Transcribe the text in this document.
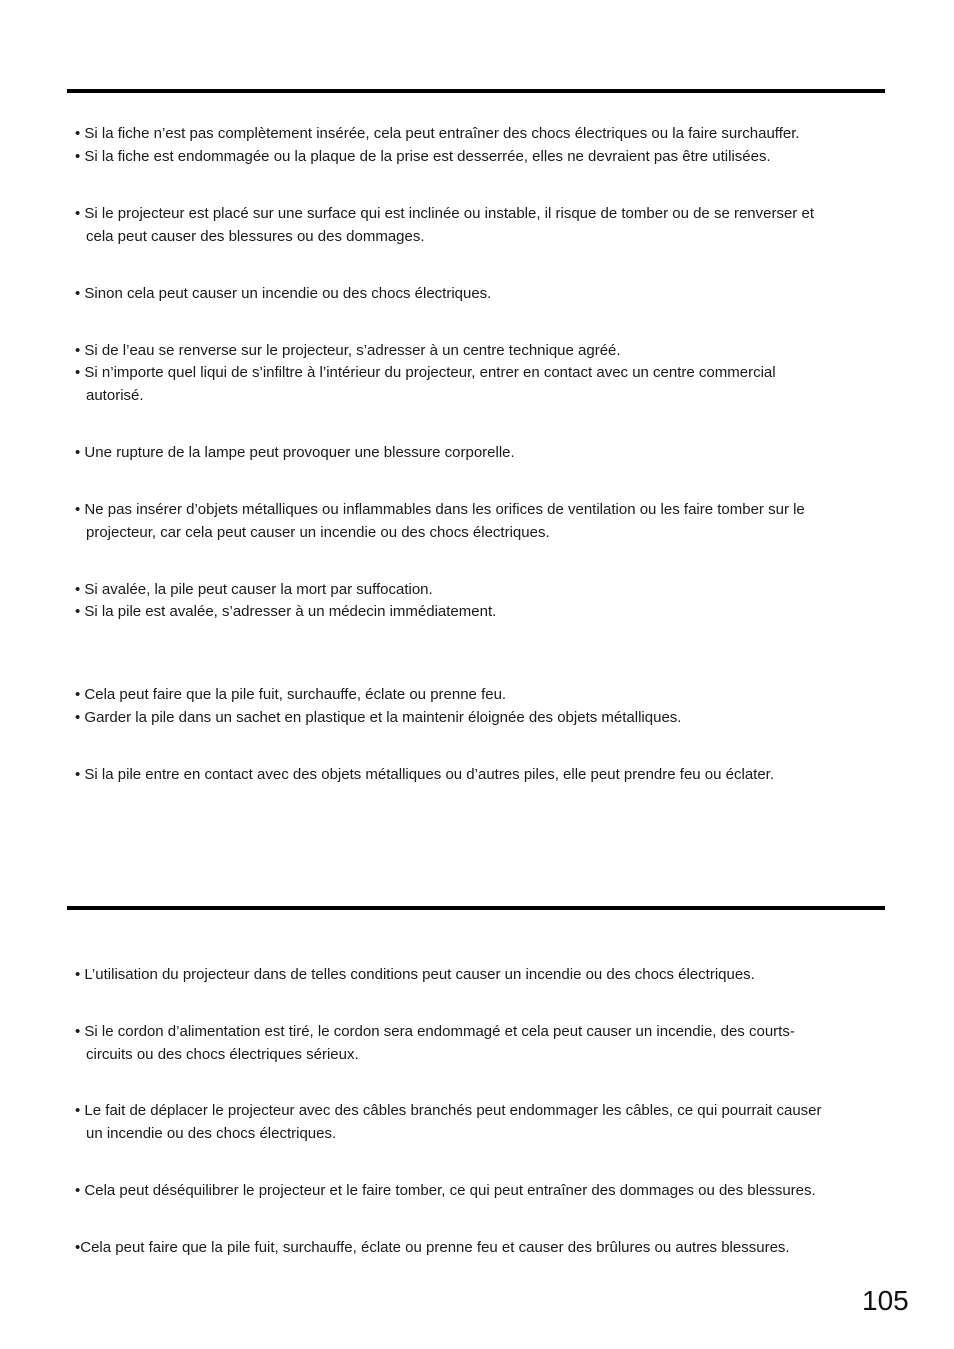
• Si la fiche n’est pas complètement insérée, cela peut entraîner des chocs électriques ou la faire surchauffer.

• Si la fiche est endommagée ou la plaque de la prise est desserrée, elles ne devraient pas être utilisées.

• Si le projecteur est placé sur une surface qui est inclinée ou instable, il risque de tomber ou de se renverser et
cela peut causer des blessures ou des dommages.

• Sinon cela peut causer un incendie ou des chocs électriques.

• Si de l’eau se renverse sur le projecteur, s’adresser à un centre technique agréé.

• Si n’importe quel liqui de s’infiltre à l’intérieur du projecteur, entrer en contact avec un centre commercial
autorisé.

• Une rupture de la lampe peut provoquer une blessure corporelle.

• Ne pas insérer d’objets métalliques ou inflammables dans les orifices de ventilation ou les faire tomber sur le
projecteur, car cela peut causer un incendie ou des chocs électriques.

• Si avalée, la pile peut causer la mort par suffocation.

• Si la pile est avalée, s’adresser à un médecin immédiatement.

• Cela peut faire que la pile fuit, surchauffe, éclate ou prenne feu.

• Garder la pile dans un sachet en plastique et la maintenir éloignée des objets métalliques.

• Si la pile entre en contact avec des objets métalliques ou d’autres piles, elle peut prendre feu ou éclater.

• L’utilisation du projecteur dans de telles conditions peut causer un incendie ou des chocs électriques.

• Si le cordon d’alimentation est tiré, le cordon sera endommagé et cela peut causer un incendie, des courts-
circuits ou des chocs électriques sérieux.

• Le fait de déplacer le projecteur avec des câbles branchés peut endommager les câbles, ce qui pourrait causer
un incendie ou des chocs électriques.

• Cela peut déséquilibrer le projecteur et le faire tomber, ce qui peut entraîner des dommages ou des blessures.

•Cela peut faire que la pile fuit, surchauffe, éclate ou prenne feu et causer des brûlures ou autres blessures.

105
